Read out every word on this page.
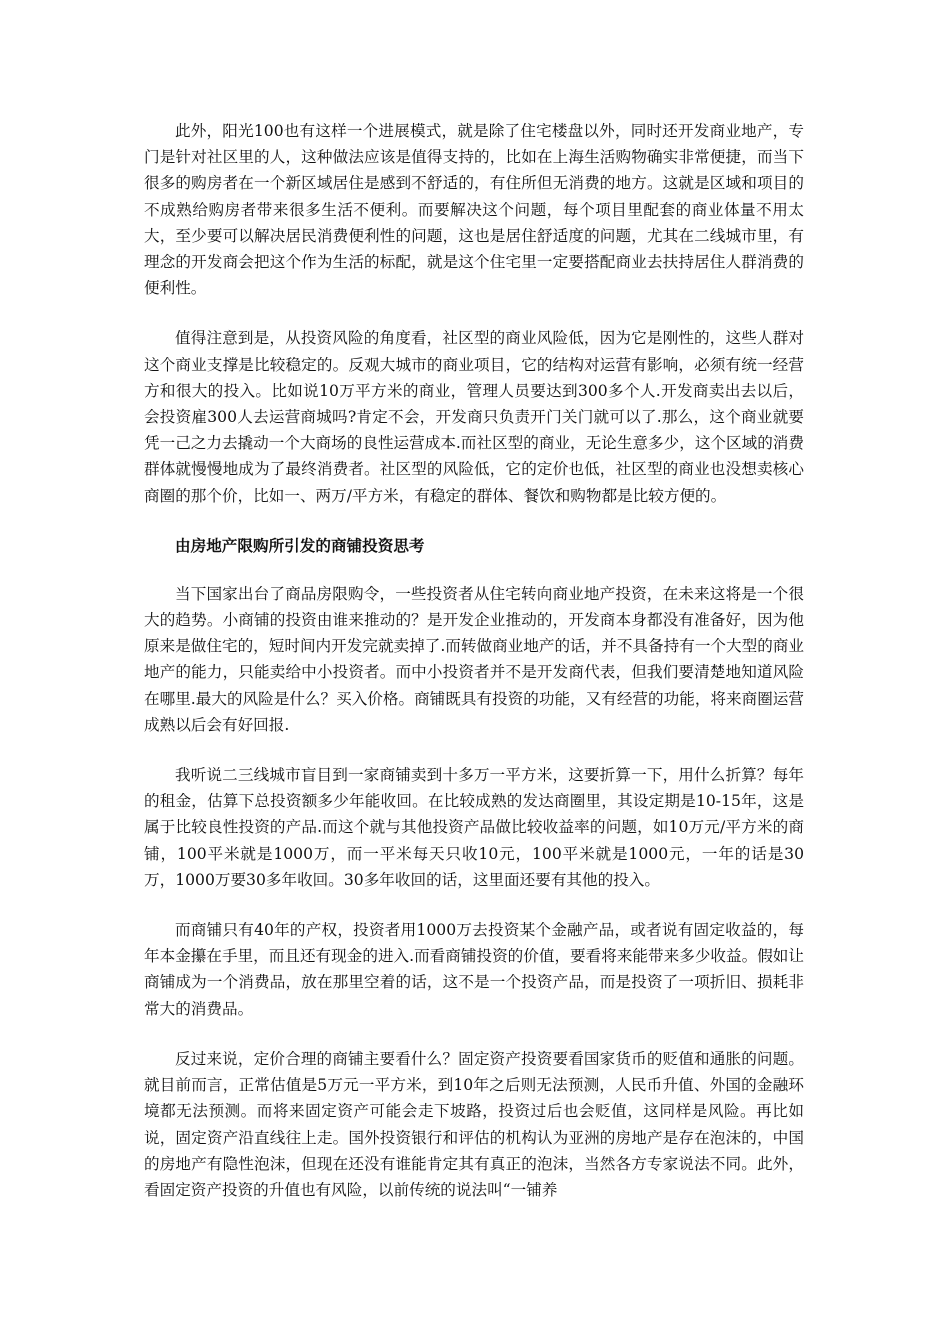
此外，阳光100也有这样一个进展模式，就是除了住宅楼盘以外，同时还开发商业地产，专门是针对社区里的人，这种做法应该是值得支持的，比如在上海生活购物确实非常便捷，而当下很多的购房者在一个新区域居住是感到不舒适的，有住所但无消费的地方。这就是区域和项目的不成熟给购房者带来很多生活不便利。而要解决这个问题，每个项目里配套的商业体量不用太大，至少要可以解决居民消费便利性的问题，这也是居住舒适度的问题，尤其在二线城市里，有理念的开发商会把这个作为生活的标配，就是这个住宅里一定要搭配商业去扶持居住人群消费的便利性。

值得注意到是，从投资风险的角度看，社区型的商业风险低，因为它是刚性的，这些人群对这个商业支撑是比较稳定的。反观大城市的商业项目，它的结构对运营有影响，必须有统一经营方和很大的投入。比如说10万平方米的商业，管理人员要达到300多个人.开发商卖出去以后，会投资雇300人去运营商城吗?肯定不会，开发商只负责开门关门就可以了.那么，这个商业就要凭一己之力去撬动一个大商场的良性运营成本.而社区型的商业，无论生意多少，这个区域的消费群体就慢慢地成为了最终消费者。社区型的风险低，它的定价也低，社区型的商业也没想卖核心商圈的那个价，比如一、两万/平方米，有稳定的群体、餐饮和购物都是比较方便的。

由房地产限购所引发的商铺投资思考

当下国家出台了商品房限购令，一些投资者从住宅转向商业地产投资，在未来这将是一个很大的趋势。小商铺的投资由谁来推动的？是开发企业推动的，开发商本身都没有准备好，因为他原来是做住宅的，短时间内开发完就卖掉了.而转做商业地产的话，并不具备持有一个大型的商业地产的能力，只能卖给中小投资者。而中小投资者并不是开发商代表，但我们要清楚地知道风险在哪里.最大的风险是什么？买入价格。商铺既具有投资的功能，又有经营的功能，将来商圈运营成熟以后会有好回报.

我听说二三线城市盲目到一家商铺卖到十多万一平方米，这要折算一下，用什么折算？每年的租金，估算下总投资额多少年能收回。在比较成熟的发达商圈里，其设定期是10-15年，这是属于比较良性投资的产品.而这个就与其他投资产品做比较收益率的问题，如10万元/平方米的商铺，100平米就是1000万，而一平米每天只收10元，100平米就是1000元，一年的话是30万，1000万要30多年收回。30多年收回的话，这里面还要有其他的投入。

而商铺只有40年的产权，投资者用1000万去投资某个金融产品，或者说有固定收益的，每年本金攥在手里，而且还有现金的进入.而看商铺投资的价值，要看将来能带来多少收益。假如让商铺成为一个消费品，放在那里空着的话，这不是一个投资产品，而是投资了一项折旧、损耗非常大的消费品。

反过来说，定价合理的商铺主要看什么？固定资产投资要看国家货币的贬值和通胀的问题。就目前而言，正常估值是5万元一平方米，到10年之后则无法预测，人民币升值、外国的金融环境都无法预测。而将来固定资产可能会走下坡路，投资过后也会贬值，这同样是风险。再比如说，固定资产沿直线往上走。国外投资银行和评估的机构认为亚洲的房地产是存在泡沫的，中国的房地产有隐性泡沫，但现在还没有谁能肯定其有真正的泡沫，当然各方专家说法不同。此外，看固定资产投资的升值也有风险，以前传统的说法叫“一铺养
